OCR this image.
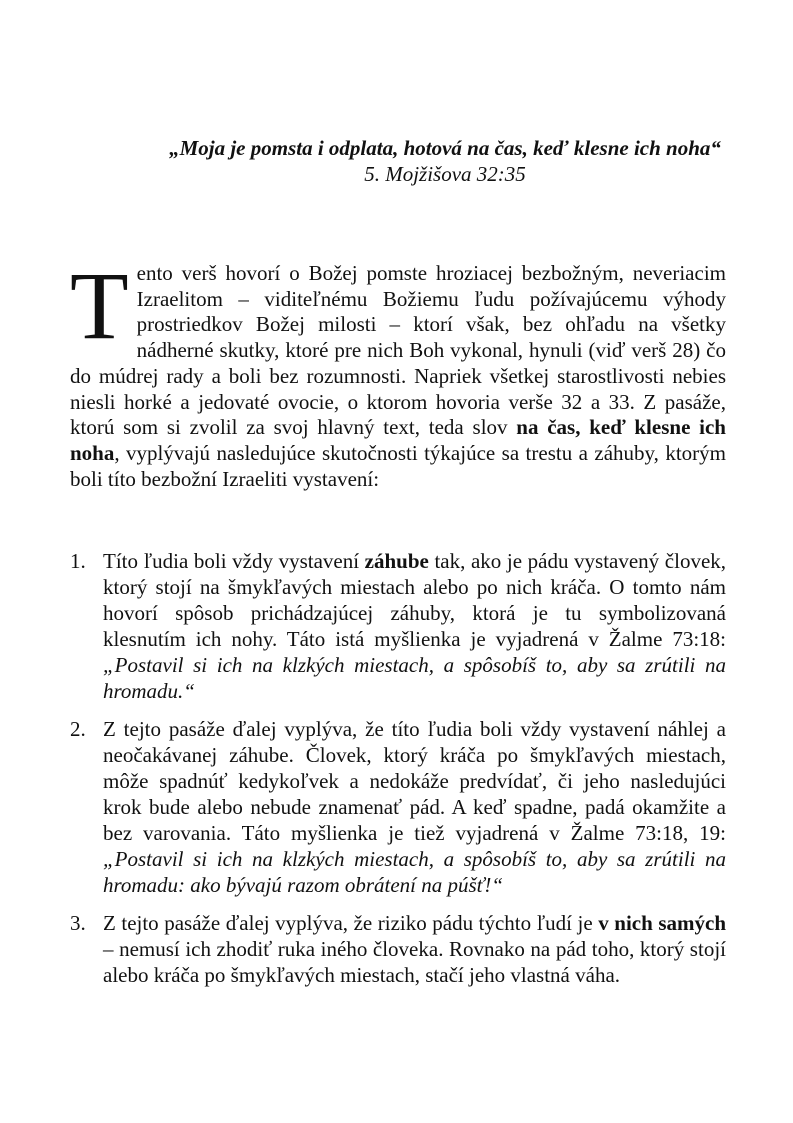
„Moja je pomsta i odplata, hotová na čas, keď klesne ich noha“
5. Mojžišova 32:35
Tento verš hovorí o Božej pomste hroziacej bezbožným, neveriacim Izraelitom – viditeľnému Božiemu ľudu požívajúcemu výhody prostriedkov Božej milosti – ktorí však, bez ohľadu na všetky nádherné skutky, ktoré pre nich Boh vykonal, hynuli (viď verš 28) čo do múdrej rady a boli bez rozumnosti. Napriek všetkej starostlivosti nebies niesli horké a jedovaté ovocie, o ktorom hovoria verše 32 a 33. Z pasáže, ktorú som si zvolil za svoj hlavný text, teda slov na čas, keď klesne ich noha, vyplývajú nasledujúce skutočnosti týkajúce sa trestu a záhuby, ktorým boli títo bezbožní Izraeliti vystavení:
1. Títo ľudia boli vždy vystavení záhube tak, ako je pádu vystavený človek, ktorý stojí na šmykľavých miestach alebo po nich kráča. O tomto nám hovorí spôsob prichádzajúcej záhuby, ktorá je tu symbolizovaná klesnutím ich nohy. Táto istá myšlienka je vyjadrená v Žalme 73:18: „Postavil si ich na klzkých miestach, a spôsobíš to, aby sa zrútili na hromadu.“
2. Z tejto pasáže ďalej vyplýva, že títo ľudia boli vždy vystavení náhlej a neočakávanej záhube. Človek, ktorý kráča po šmykľavých miestach, môže spadnúť kedykoľvek a nedokáže predvídať, či jeho nasledujúci krok bude alebo nebude znamenať pád. A keď spadne, padá okamžite a bez varovania. Táto myšlienka je tiež vyjadrená v Žalme 73:18, 19: „Postavil si ich na klzkých miestach, a spôsobíš to, aby sa zrútili na hromadu: ako bývajú razom obrátení na púšť!“
3. Z tejto pasáže ďalej vyplýva, že riziko pádu týchto ľudí je v nich samých – nemusí ich zhodiť ruka iného človeka. Rovnako na pád toho, ktorý stojí alebo kráča po šmykľavých miestach, stačí jeho vlastná váha.
